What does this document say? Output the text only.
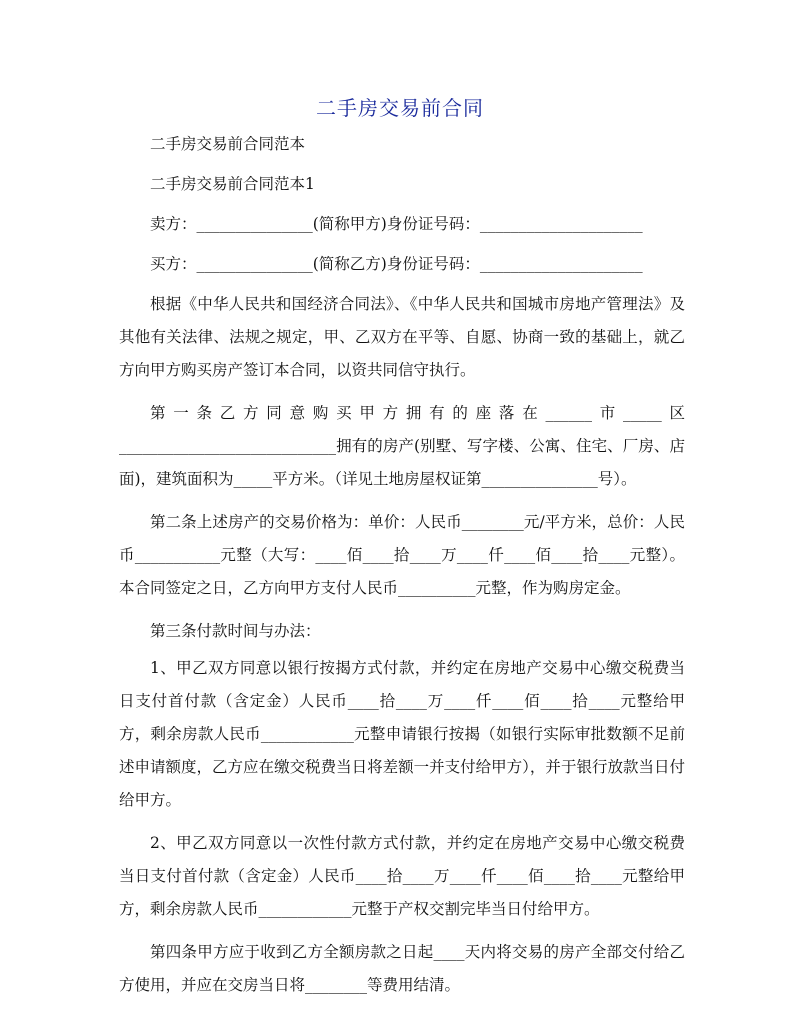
二手房交易前合同

二手房交易前合同范本

二手房交易前合同范本1

卖方：_______________(简称甲方)身份证号码：_____________________

买方：_______________(简称乙方)身份证号码：_____________________

根据《中华人民共和国经济合同法》、《中华人民共和国城市房地产管理法》及其他有关法律、法规之规定，甲、乙双方在平等、自愿、协商一致的基础上，就乙方向甲方购买房产签订本合同，以资共同信守执行。

第一条乙方同意购买甲方拥有的座落在______市_____区____________________________拥有的房产(别墅、写字楼、公寓、住宅、厂房、店面)，建筑面积为_____平方米。（详见土地房屋权证第_______________号）。

第二条上述房产的交易价格为：单价：人民币________元/平方米，总价：人民币___________元整（大写：____佰____拾____万____仟____佰____拾____元整）。本合同签定之日，乙方向甲方支付人民币__________元整，作为购房定金。

第三条付款时间与办法：

1、甲乙双方同意以银行按揭方式付款，并约定在房地产交易中心缴交税费当日支付首付款（含定金）人民币____拾____万____仟____佰____拾____元整给甲方，剩余房款人民币____________元整申请银行按揭（如银行实际审批数额不足前述申请额度，乙方应在缴交税费当日将差额一并支付给甲方），并于银行放款当日付给甲方。

2、甲乙双方同意以一次性付款方式付款，并约定在房地产交易中心缴交税费当日支付首付款（含定金）人民币____拾____万____仟____佰____拾____元整给甲方，剩余房款人民币____________元整于产权交割完毕当日付给甲方。

第四条甲方应于收到乙方全额房款之日起____天内将交易的房产全部交付给乙方使用，并应在交房当日将________等费用结清。
